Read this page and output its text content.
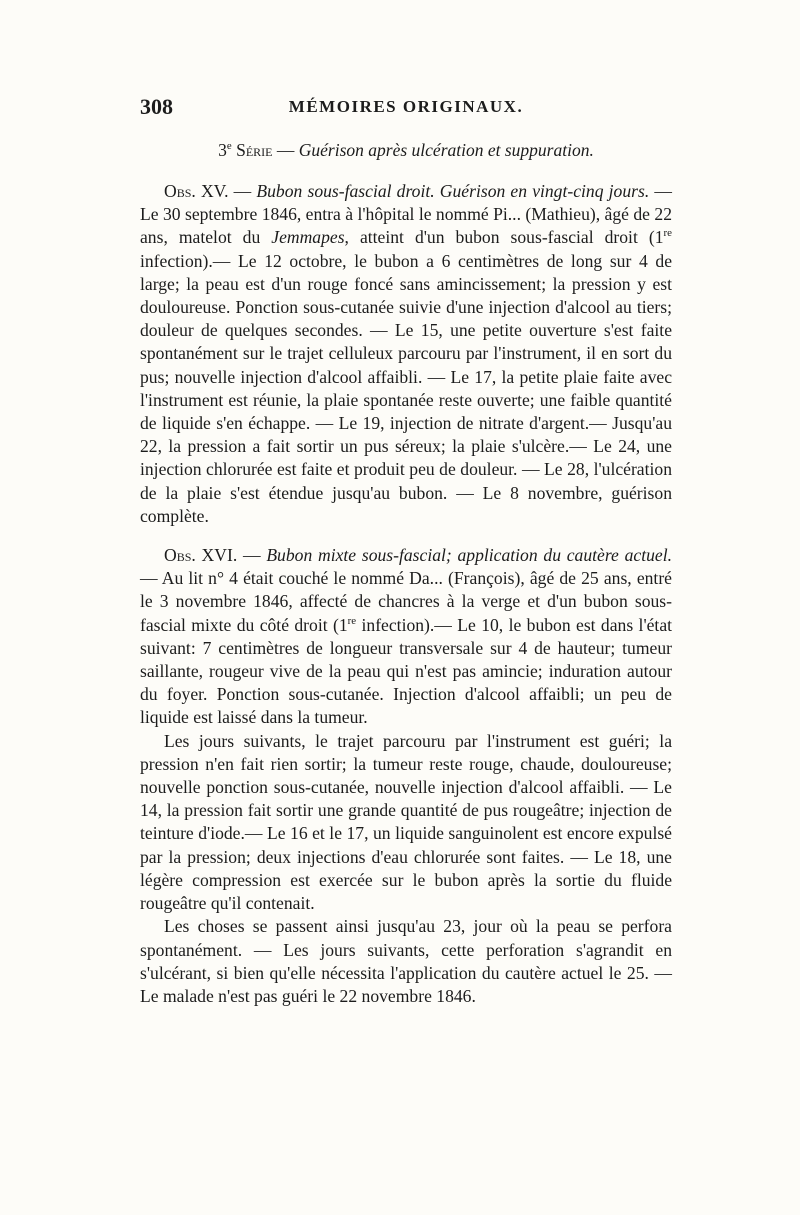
308	MÉMOIRES ORIGINAUX.
3e Série — Guérison après ulcération et suppuration.

Obs. XV. — Bubon sous-fascial droit. Guérison en vingt-cinq jours. — Le 30 septembre 1846, entra à l'hôpital le nommé Pi... (Mathieu), âgé de 22 ans, matelot du Jemmapes, atteint d'un bubon sous-fascial droit (1re infection).— Le 12 octobre, le bubon a 6 centimètres de long sur 4 de large; la peau est d'un rouge foncé sans amincissement; la pression y est douloureuse. Ponction sous-cutanée suivie d'une injection d'alcool au tiers; douleur de quelques secondes. — Le 15, une petite ouverture s'est faite spontanément sur le trajet celluleux parcouru par l'instrument, il en sort du pus; nouvelle injection d'alcool affaibli. — Le 17, la petite plaie faite avec l'instrument est réunie, la plaie spontanée reste ouverte; une faible quantité de liquide s'en échappe. — Le 19, injection de nitrate d'argent.— Jusqu'au 22, la pression a fait sortir un pus séreux; la plaie s'ulcère.— Le 24, une injection chlorurée est faite et produit peu de douleur. — Le 28, l'ulcération de la plaie s'est étendue jusqu'au bubon. — Le 8 novembre, guérison complète.

Obs. XVI. — Bubon mixte sous-fascial; application du cautère actuel. — Au lit n° 4 était couché le nommé Da... (François), âgé de 25 ans, entré le 3 novembre 1846, affecté de chancres à la verge et d'un bubon sous-fascial mixte du côté droit (1re infection).— Le 10, le bubon est dans l'état suivant: 7 centimètres de longueur transversale sur 4 de hauteur; tumeur saillante, rougeur vive de la peau qui n'est pas amincie; induration autour du foyer. Ponction sous-cutanée. Injection d'alcool affaibli; un peu de liquide est laissé dans la tumeur.

Les jours suivants, le trajet parcouru par l'instrument est guéri; la pression n'en fait rien sortir; la tumeur reste rouge, chaude, douloureuse; nouvelle ponction sous-cutanée, nouvelle injection d'alcool affaibli. — Le 14, la pression fait sortir une grande quantité de pus rougeâtre; injection de teinture d'iode.— Le 16 et le 17, un liquide sanguinolent est encore expulsé par la pression; deux injections d'eau chlorurée sont faites. — Le 18, une légère compression est exercée sur le bubon après la sortie du fluide rougeâtre qu'il contenait.

Les choses se passent ainsi jusqu'au 23, jour où la peau se perfora spontanément. — Les jours suivants, cette perforation s'agrandit en s'ulcérant, si bien qu'elle nécessita l'application du cautère actuel le 25. — Le malade n'est pas guéri le 22 novembre 1846.
